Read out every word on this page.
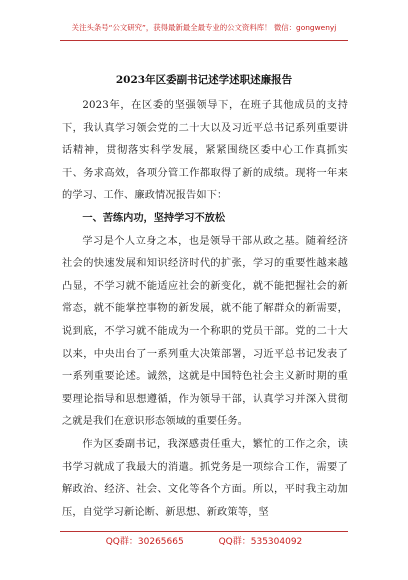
关注头条号“公文研究”，获得最新最全最专业的公文资料库！ 微信：gongwenyj
2023年区委副书记述学述职述廉报告

2023年，在区委的坚强领导下，在班子其他成员的支持下，我认真学习领会党的二十大以及习近平总书记系列重要讲话精神，贯彻落实科学发展，紧紧围绕区委中心工作真抓实干、务求高效，各项分管工作都取得了新的成绩。现将一年来的学习、工作、廉政情况报告如下：

一、苦练内功，坚持学习不放松

学习是个人立身之本，也是领导干部从政之基。随着经济社会的快速发展和知识经济时代的扩张，学习的重要性越来越凸显，不学习就不能适应社会的新变化，就不能把握社会的新常态，就不能掌控事物的新发展，就不能了解群众的新需要，说到底，不学习就不能成为一个称职的党员干部。党的二十大以来，中央出台了一系列重大决策部署，习近平总书记发表了一系列重要论述。诚然，这就是中国特色社会主义新时期的重要理论指导和思想遵循，作为领导干部，认真学习并深入贯彻之就是我们在意识形态领域的重要任务。

作为区委副书记，我深感责任重大，繁忙的工作之余，读书学习就成了我最大的消遣。抓党务是一项综合工作，需要了解政治、经济、社会、文化等各个方面。所以，平时我主动加压，自觉学习新论断、新思想、新政策等，坚

QQ群：30265665	QQ群：535304092
